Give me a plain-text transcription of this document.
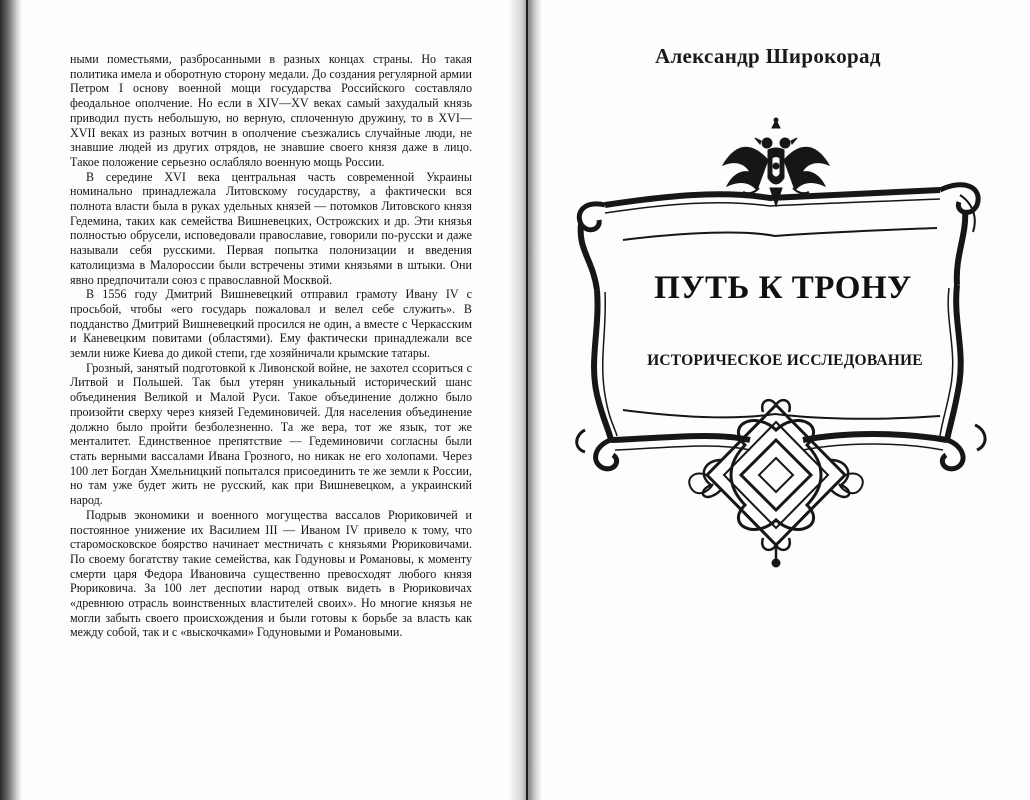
ными поместьями, разбросанными в разных концах страны. Но такая политика имела и оборотную сторону медали. До создания регулярной армии Петром I основу военной мощи государства Российского составляло феодальное ополчение. Но если в XIV—XV веках самый захудалый князь приводил пусть небольшую, но верную, сплоченную дружину, то в XVI—XVII веках из разных вотчин в ополчение съезжались случайные люди, не знавшие людей из других отрядов, не знавшие своего князя даже в лицо. Такое положение серьезно ослабляло военную мощь России.

В середине XVI века центральная часть современной Украины номинально принадлежала Литовскому государству, а фактически вся полнота власти была в руках удельных князей — потомков Литовского князя Гедемина, таких как семейства Вишневецких, Острожских и др. Эти князья полностью обрусели, исповедовали православие, говорили по-русски и даже называли себя русскими. Первая попытка полонизации и введения католицизма в Малороссии были встречены этими князьями в штыки. Они явно предпочитали союз с православной Москвой.

В 1556 году Дмитрий Вишневецкий отправил грамоту Ивану IV с просьбой, чтобы «его государь пожаловал и велел себе служить». В подданство Дмитрий Вишневецкий просился не один, а вместе с Черкасским и Каневецким повитами (областями). Ему фактически принадлежали все земли ниже Киева до дикой степи, где хозяйничали крымские татары.

Грозный, занятый подготовкой к Ливонской войне, не захотел ссориться с Литвой и Польшей. Так был утерян уникальный исторический шанс объединения Великой и Малой Руси. Такое объединение должно было произойти сверху через князей Гедеминовичей. Для населения объединение должно было пройти безболезненно. Та же вера, тот же язык, тот же менталитет. Единственное препятствие — Гедеминовичи согласны были стать верными вассалами Ивана Грозного, но никак не его холопами. Через 100 лет Богдан Хмельницкий попытался присоединить те же земли к России, но там уже будет жить не русский, как при Вишневецком, а украинский народ.

Подрыв экономики и военного могущества вассалов Рюриковичей и постоянное унижение их Василием III — Иваном IV привело к тому, что старомосковское боярство начинает местничать с князьями Рюриковичами. По своему богатству такие семейства, как Годуновы и Романовы, к моменту смерти царя Федора Ивановича существенно превосходят любого князя Рюриковича. За 100 лет деспотии народ отвык видеть в Рюриковичах «древнюю отрасль воинственных властителей своих». Но многие князья не могли забыть своего происхождения и были готовы к борьбе за власть как между собой, так и с «выскочками» Годуновыми и Романовыми.

Александр Широкорад
ПУТЬ К ТРОНУ
ИСТОРИЧЕСКОЕ ИССЛЕДОВАНИЕ
